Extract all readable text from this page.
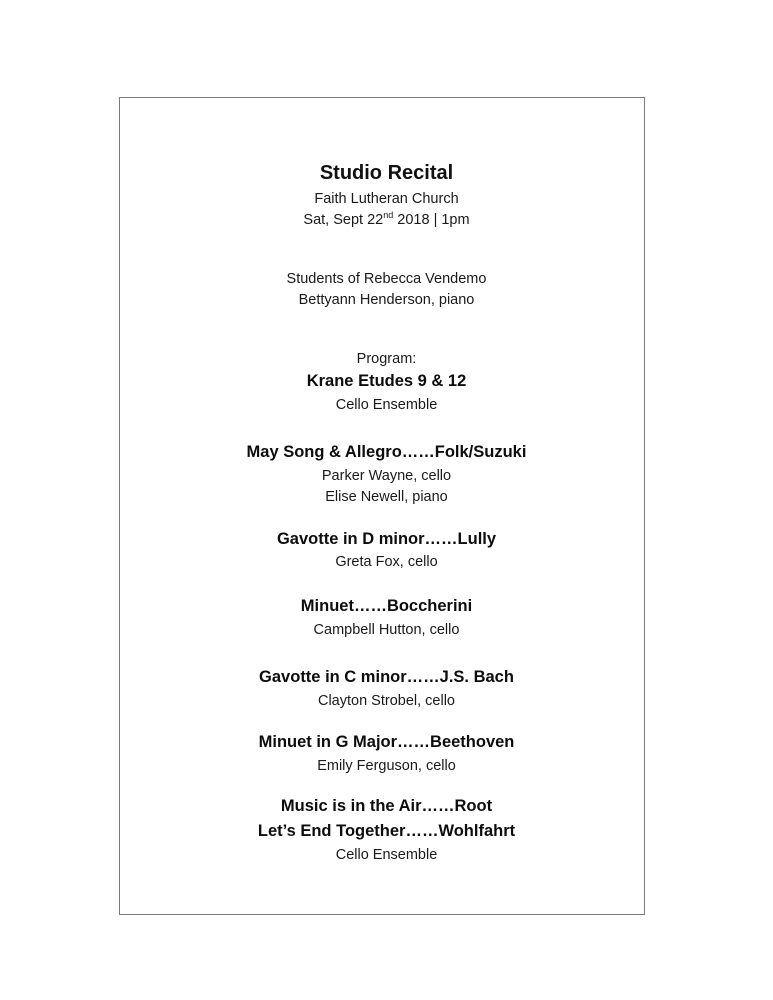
Studio Recital
Faith Lutheran Church
Sat, Sept 22nd 2018 | 1pm
Students of Rebecca Vendemo
Bettyann Henderson, piano
Program:
Krane Etudes 9 & 12
Cello Ensemble
May Song & Allegro……Folk/Suzuki
Parker Wayne, cello
Elise Newell, piano
Gavotte in D minor……Lully
Greta Fox, cello
Minuet……Boccherini
Campbell Hutton, cello
Gavotte in C minor……J.S. Bach
Clayton Strobel, cello
Minuet in G Major……Beethoven
Emily Ferguson, cello
Music is in the Air……Root
Let’s End Together……Wohlfahrt
Cello Ensemble
